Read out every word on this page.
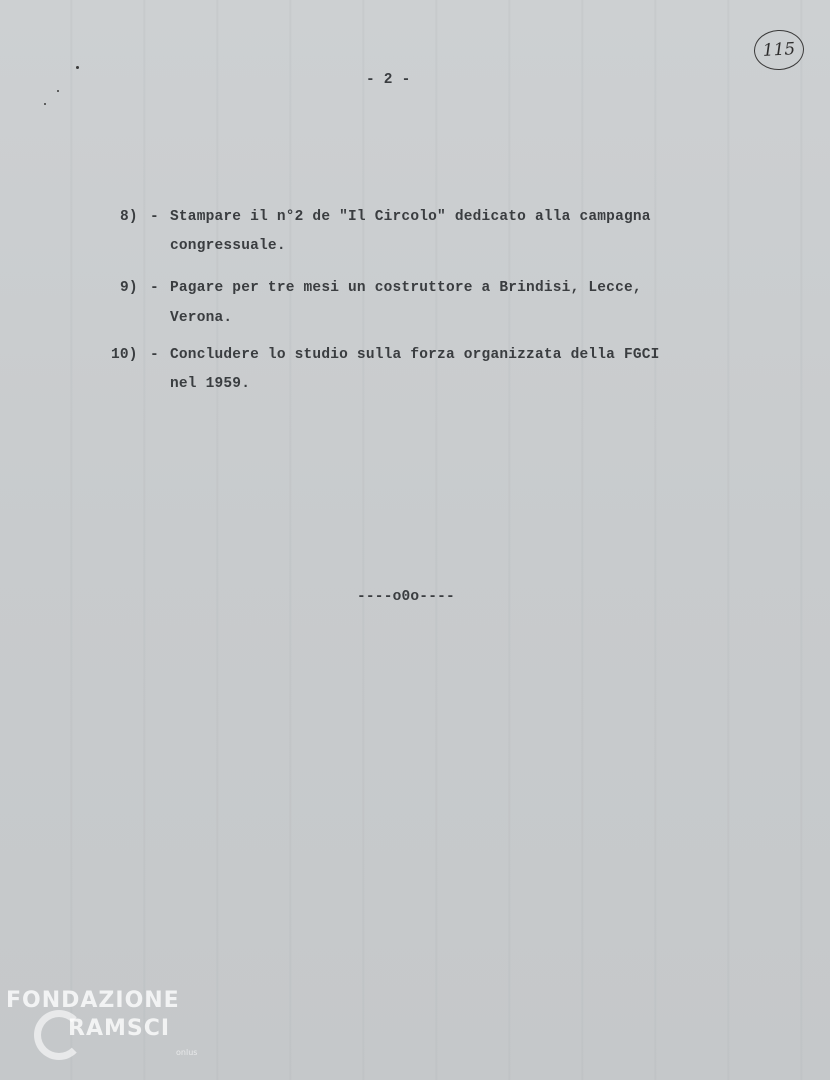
- 2 -
115
8) - Stampare il n°2 de "Il Circolo" dedicato alla campagna
congressuale.
9) - Pagare per tre mesi un costruttore a Brindisi, Lecce,
Verona.
10) - Concludere lo studio sulla forza organizzata della FGCI
nel 1959.
----o0o----
FONDAZIONE
RAMSCI
onlus
